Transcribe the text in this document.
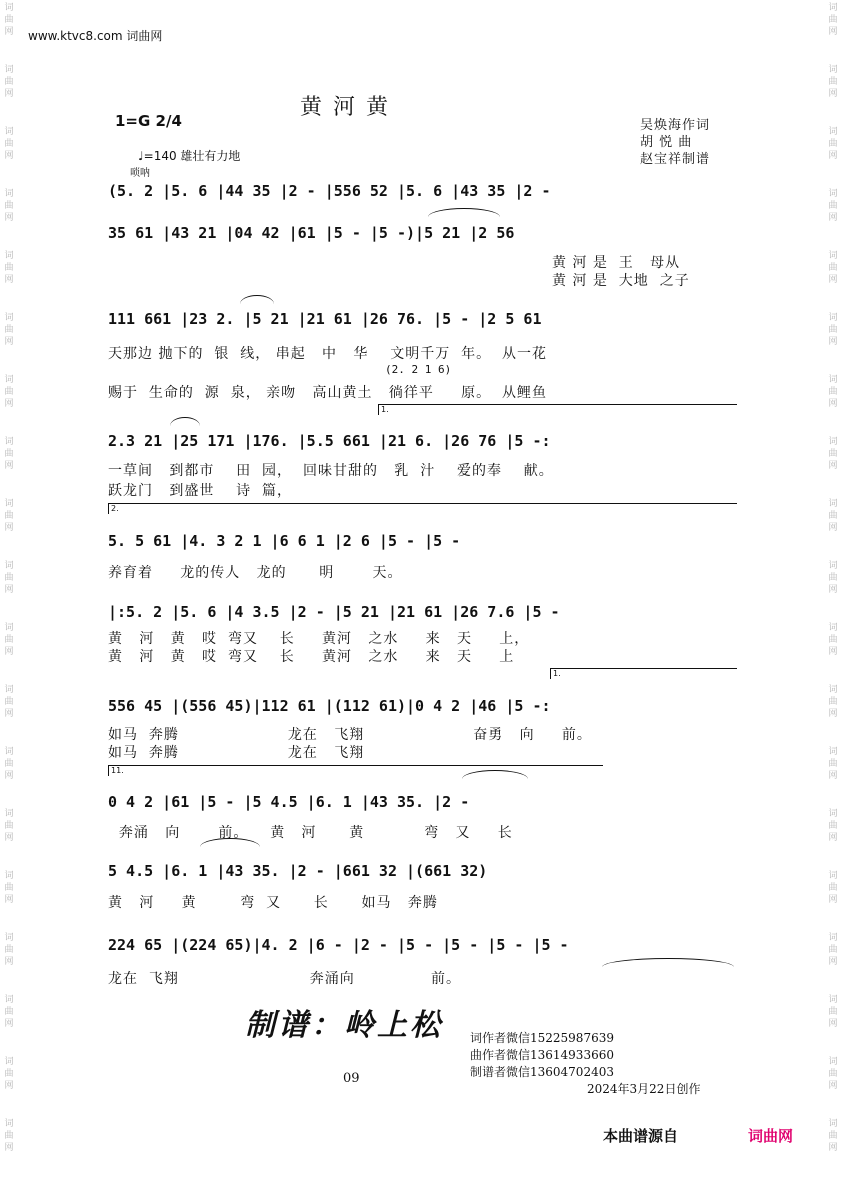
词曲网
词曲网
词曲网
词曲网
词曲网
词曲网
词曲网
词曲网
词曲网
词曲网
词曲网
词曲网
词曲网
词曲网
词曲网
词曲网
词曲网
词曲网
词曲网
词曲网
词曲网
词曲网
词曲网
词曲网
词曲网
词曲网
词曲网
词曲网
词曲网
词曲网
词曲网
词曲网
词曲网
词曲网
词曲网
词曲网
词曲网
词曲网
www.ktvc8.com 词曲网
黄 河 黄
1=G 2/4	吴焕海作词
胡 悦 曲
赵宝祥制谱
♩=140 雄壮有力地
唢呐
(5. 2 |5. 6 |44 35 |2 - |556 52 |5. 6 |43 35 |2 -
35 61 |43 21 |04 42 |61 |5 - |5 -)|5 21 |2 56
黄 河 是  王   母从
黄 河 是  大地  之子
111 661 |23 2. |5 21 |21 61 |26 76. |5 - |2 5 61
天那边 抛下的  银  线， 串起   中   华    文明千万  年。  从一花
(2. 2 1 6)
赐于  生命的  源  泉， 亲吻   高山黄土   徜徉平     原。  从鲤鱼
1.
2.3 21 |25 171 |176. |5.5 661 |21 6. |26 76 |5 -:
一草间   到都市    田  园，  回味甘甜的   乳  汁    爱的奉    献。
跃龙门   到盛世    诗  篇，
2.
5. 5 61 |4. 3 2 1 |6 6 1 |2 6 |5 - |5 -
养育着     龙的传人   龙的      明       天。
|:5. 2 |5. 6 |4 3.5 |2 - |5 21 |21 61 |26 7.6 |5 -
黄   河   黄   哎  弯又    长     黄河   之水     来   天     上，
黄   河   黄   哎  弯又    长     黄河   之水     来   天     上
1.
556 45 |(556 45)|112 61 |(112 61)|0 4 2 |46 |5 -:
如马  奔腾                    龙在   飞翔                    奋勇   向     前。
如马  奔腾                    龙在   飞翔
11.
0 4 2 |61 |5 - |5 4.5 |6. 1 |43 35. |2 -
奔涌   向       前。    黄   河      黄           弯   又     长
5 4.5 |6. 1 |43 35. |2 - |661 32 |(661 32)
黄   河     黄        弯  又      长      如马   奔腾
224 65 |(224 65)|4. 2 |6 - |2 - |5 - |5 - |5 - |5 -
龙在  飞翔                        奔涌向              前。
制谱：岭上松 词作者微信15225987639
曲作者微信13614933660
制谱者微信13604702403
09
2024年3月22日创作
本曲谱源自	词曲网
